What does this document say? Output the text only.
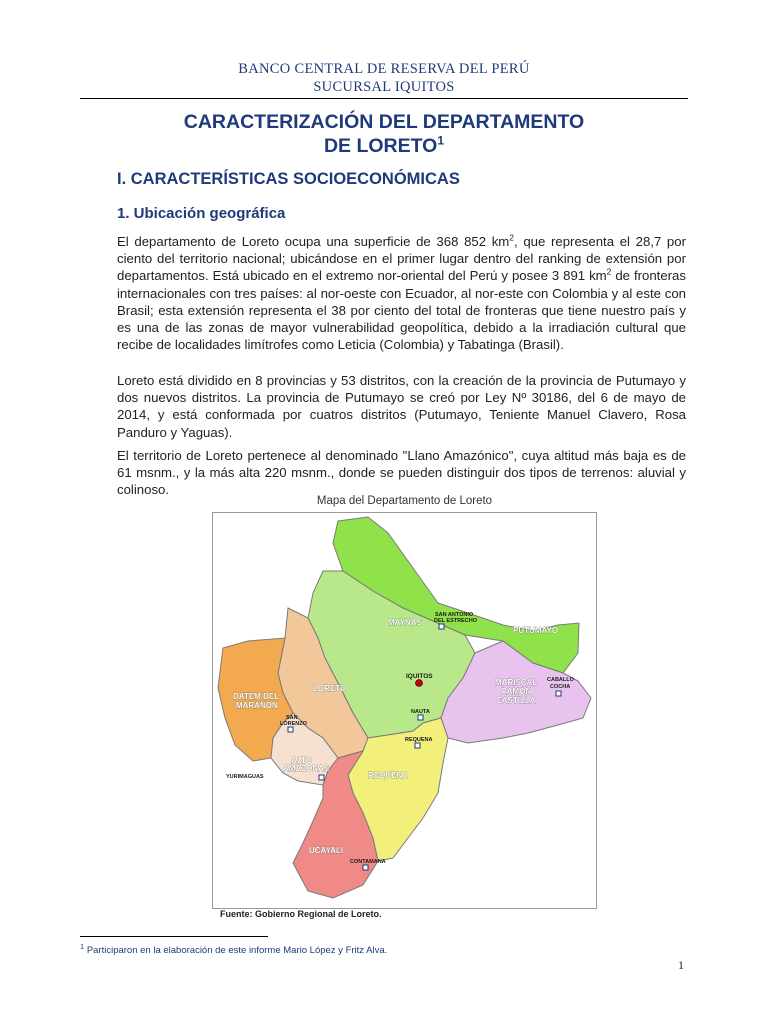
BANCO CENTRAL DE RESERVA DEL PERÚ
SUCURSAL IQUITOS
CARACTERIZACIÓN DEL DEPARTAMENTO
DE LORETO$^1$
I. CARACTERÍSTICAS SOCIOECONÓMICAS
1. Ubicación geográfica
El departamento de Loreto ocupa una superficie de 368 852 $km^2$, que representa el 28,7 por ciento del territorio nacional; ubicándose en el primer lugar dentro del ranking de extensión por departamentos. Está ubicado en el extremo nor-oriental del Perú y posee 3 891 $km^2$ de fronteras internacionales con tres países: al nor-oeste con Ecuador, al nor-este con Colombia y al este con Brasil; esta extensión representa el 38 por ciento del total de fronteras que tiene nuestro país y es una de las zonas de mayor vulnerabilidad geopolítica, debido a la irradiación cultural que recibe de localidades limítrofes como Leticia (Colombia) y Tabatinga (Brasil).
Loreto está dividido en 8 provincias y 53 distritos, con la creación de la provincia de Putumayo y dos nuevos distritos. La provincia de Putumayo se creó por Ley Nº 30186, del 6 de mayo de 2014, y está conformada por cuatros distritos (Putumayo, Teniente Manuel Clavero, Rosa Panduro y Yaguas).
El territorio de Loreto pertenece al denominado "Llano Amazónico", cuya altitud más baja es de 61 msnm., y la más alta 220 msnm., donde se pueden distinguir dos tipos de terrenos: aluvial y colinoso.
Mapa del Departamento de Loreto
PUTUMAYO
MAYNAS
LORETO
MARISCAL
RAMÓN
CASTILLA
DATEM DEL
MARAÑON
ALTO
AMAZONAS
REQUENA
UCAYALI
SAN ANTONIO
DEL ESTRECHO
IQUITOS	CABALLO
COCHA
SAN
LORENZO
NAUTA
REQUENA
YURIMAGUAS
CONTAMANA
Fuente: Gobierno Regional de Loreto.
$^1$ Participaron en la elaboración de este informe Mario López y Fritz Alva.
1
